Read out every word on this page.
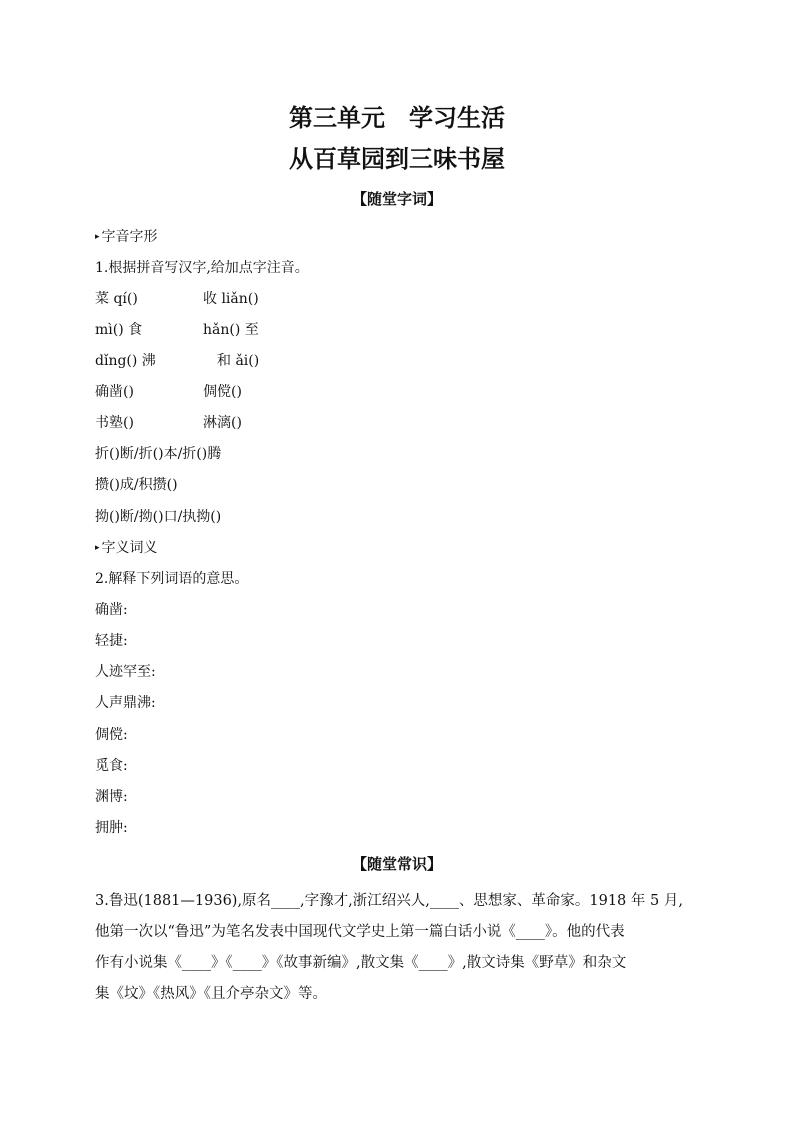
第三单元　学习生活
从百草园到三味书屋
【随堂字词】
▸ 字音字形
1.根据拼音写汉字,给加点字注音。
菜 qí()	收 liǎn()
mì() 食	hǎn() 至
dǐng() 沸	　和 ǎi()
确凿()	倜傥()
书塾()	淋漓()
折()断/折()本/折()腾
攒()成/积攒()
拗()断/拗()口/执拗()
▸ 字义词义
2.解释下列词语的意思。
确凿:
轻捷:
人迹罕至:
人声鼎沸:
倜傥:
觅食:
渊博:
拥肿:
【随堂常识】
3.鲁迅(1881—1936),原名____,字豫才,浙江绍兴人,____、思想家、革命家。1918 年 5 月,
他第一次以“鲁迅”为笔名发表中国现代文学史上第一篇白话小说《____》。他的代表
作有小说集《____》《____》《故事新编》,散文集《____》,散文诗集《野草》和杂文
集《坟》《热风》《且介亭杂文》等。
